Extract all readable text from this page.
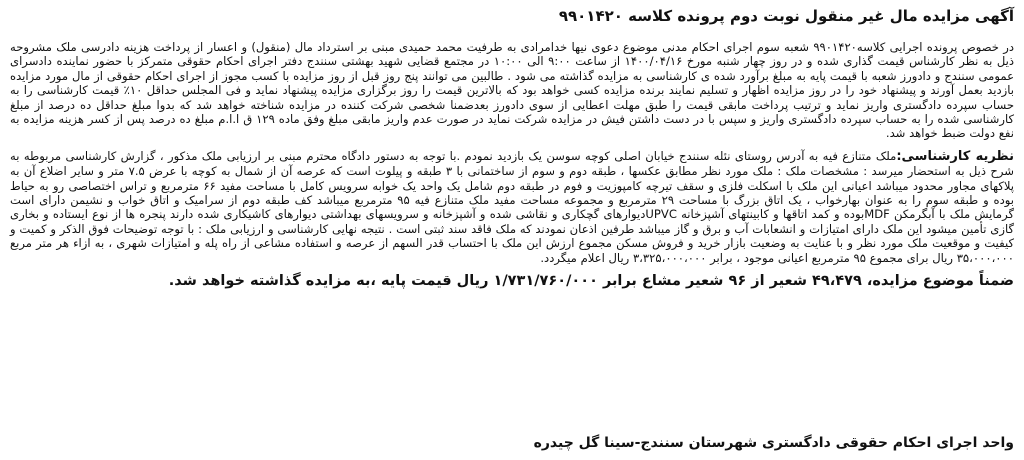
آگهی مزایده مال غیر منقول نوبت دوم پرونده کلاسه ۹۹۰۱۴۲۰

در خصوص پرونده اجرایی کلاسه۹۹۰۱۴۲۰ شعبه سوم اجرای احکام مدنی موضوع دعوی نیها خدامرادی به طرفیت محمد حمیدی مبنی بر استرداد مال (منقول) و اعسار از پرداخت هزینه دادرسی ملک مشروحه ذیل به نظر کارشناس قیمت گذاری شده و در روز چهار شنبه مورخ ۱۴۰۰/۰۴/۱۶ از ساعت ۹:۰۰ الی ۱۰:۰۰ در مجتمع قضایی شهید بهشتی سنندج دفتر اجرای احکام حقوقی متمرکز با حضور نماینده دادسرای عمومی سنندج و دادورز شعبه با قیمت پایه به مبلغ برآورد شده ی کارشناسی به مزایده گذاشته می شود . طالبین می توانند پنج روز قبل از روز مزایده با کسب مجوز از اجرای احکام حقوقی از مال مورد مزایده بازدید بعمل آورند و پیشنهاد خود را در روز مزایده اظهار و تسلیم نمایند برنده مزایده کسی خواهد بود که بالاترین قیمت را روز برگزاری مزایده پیشنهاد نماید و فی المجلس حداقل ۱۰٪ قیمت کارشناسی را به حساب سپرده دادگستری واریز نماید و ترتیب پرداخت مابقی قیمت را طبق مهلت اعطایی از سوی دادورز بعدضمنا شخصی شرکت کننده در مزایده شناخته خواهد شد که بدوا مبلغ حداقل ده درصد از مبلغ کارشناسی شده را به حساب سپرده دادگستری واریز و سپس با در دست داشتن فیش در مزایده شرکت نماید در صورت عدم واریز مابقی مبلغ وفق ماده ۱۲۹ ق ا.ا.م مبلغ ده درصد پس از کسر هزینه مزایده به نفع دولت ضبط خواهد شد.

نظریه کارشناسی:ملک متنازع فیه به آدرس روستای نئله سنندج خیابان اصلی کوچه سوسن یک بازدید نمودم .با توجه به دستور دادگاه محترم مبنی بر ارزیابی ملک مذکور ، گزارش کارشناسی مربوطه به شرح ذیل به استحضار میرسد : مشخصات ملک : ملک مورد نظر مطابق عکسها ، طبقه دوم و سوم از ساختمانی با ۳ طبقه و پیلوت است که عرصه آن از شمال به کوچه با عرض ۷.۵ متر و سایر اضلاع آن به پلاکهای مجاور محدود میباشد اعیانی این ملک با اسکلت فلزی و سقف تیرچه کامپوزیت و فوم در طبقه دوم شامل یک واحد یک خوابه سرویس کامل با مساحت مفید ۶۶ مترمربع و تراس اختصاصی رو به حیاط بوده و طبقه سوم را به عنوان بهارخواب ، یک اتاق بزرگ با مساحت ۲۹ مترمربع و مجموعه مساحت مفید ملک متنازع فیه ۹۵ مترمربع میباشد کف طبقه دوم از سرامیک و اتاق خواب و نشیمن دارای است گرمایش ملک با آبگرمکن MDFبوده و کمد اتاقها و کابینتهای آشپزخانه UPVCدیوارهای گچکاری و نقاشی شده و آشپزخانه و سرویسهای بهداشتی دیوارهای کاشیکاری شده دارند پنجره ها از نوع ایستاده و بخاری گازی تأمین میشود این ملک دارای امتیازات و انشعابات آب و برق و گاز میباشد طرفین اذعان نمودند که ملک فاقد سند ثبتی است . نتیجه نهایی کارشناسی و ارزیابی ملک : با توجه توضیحات فوق الذکر و کمیت و کیفیت و موقعیت ملک مورد نظر و با عنایت به وضعیت بازار خرید و فروش مسکن مجموع ارزش این ملک با احتساب قدر السهم از عرصه و استفاده مشاعی از راه پله و امتیازات شهری ، به ازاء هر متر مربع ۳۵،۰۰۰،۰۰۰ ریال برای مجموع ۹۵ مترمربع اعیانی موجود ، برابر ۳،۳۲۵،۰۰۰،۰۰۰ ریال اعلام میگردد.

ضمناً موضوع مزایده، ۴۹،۴۷۹ شعیر از ۹۶ شعیر مشاع برابر ۱/۷۳۱/۷۶۰/۰۰۰ ریال قیمت پایه ،به مزایده گذاشته خواهد شد.
واحد اجرای احکام حقوقی دادگستری شهرستان سنندج-سینا گل چیدره
